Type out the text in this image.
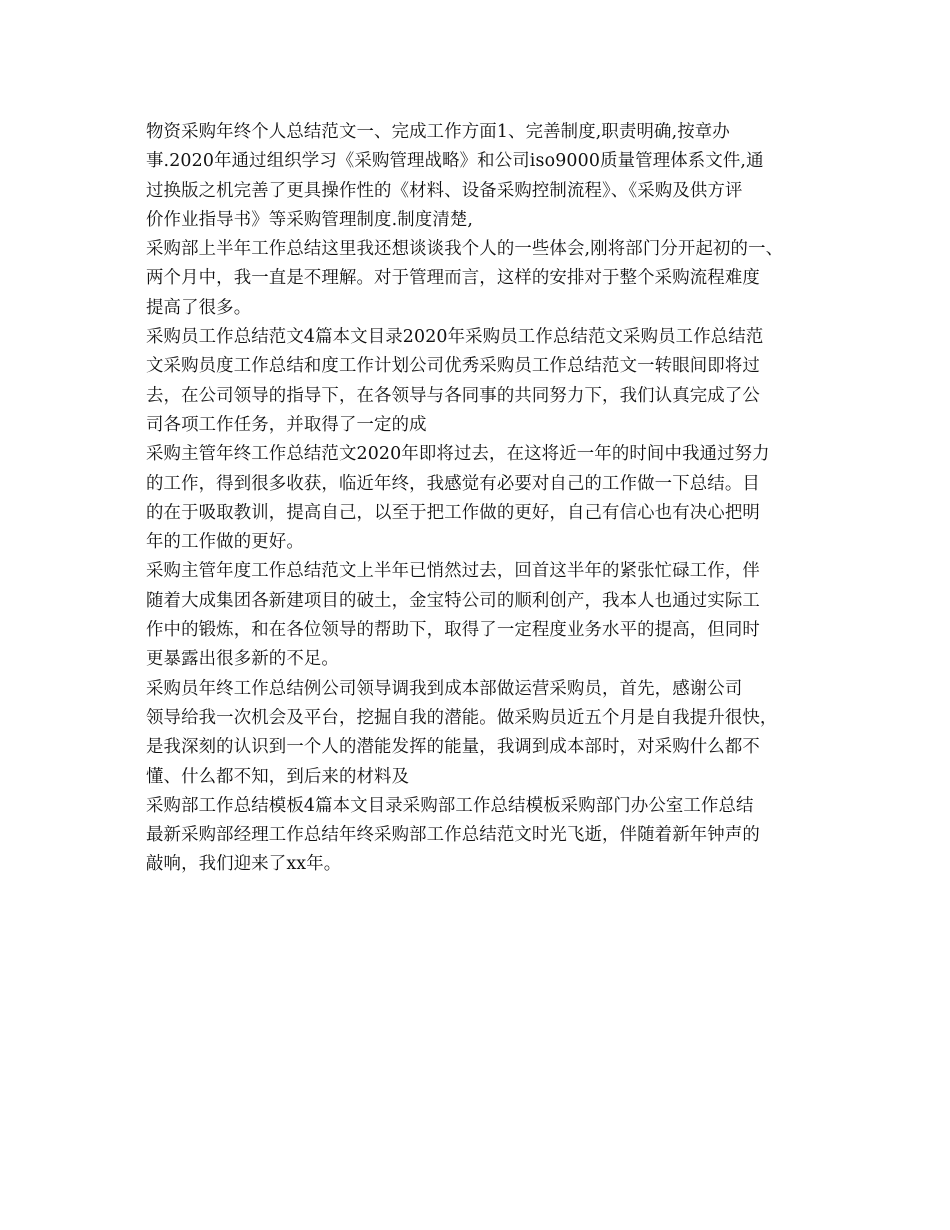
物资采购年终个人总结范文一、完成工作方面1、完善制度,职责明确,按章办
事.2020年通过组织学习《采购管理战略》和公司iso9000质量管理体系文件,通
过换版之机完善了更具操作性的《材料、设备采购控制流程》、《采购及供方评
价作业指导书》等采购管理制度.制度清楚,
采购部上半年工作总结这里我还想谈谈我个人的一些体会,刚将部门分开起初的一、
两个月中，我一直是不理解。对于管理而言，这样的安排对于整个采购流程难度
提高了很多。
采购员工作总结范文4篇本文目录2020年采购员工作总结范文采购员工作总结范
文采购员度工作总结和度工作计划公司优秀采购员工作总结范文一转眼间即将过
去，在公司领导的指导下，在各领导与各同事的共同努力下，我们认真完成了公
司各项工作任务，并取得了一定的成
采购主管年终工作总结范文2020年即将过去，在这将近一年的时间中我通过努力
的工作，得到很多收获，临近年终，我感觉有必要对自己的工作做一下总结。目
的在于吸取教训，提高自己，以至于把工作做的更好，自己有信心也有决心把明
年的工作做的更好。
采购主管年度工作总结范文上半年已悄然过去，回首这半年的紧张忙碌工作，伴
随着大成集团各新建项目的破土，金宝特公司的顺利创产，我本人也通过实际工
作中的锻炼，和在各位领导的帮助下，取得了一定程度业务水平的提高，但同时
更暴露出很多新的不足。
采购员年终工作总结例公司领导调我到成本部做运营采购员，首先，感谢公司
领导给我一次机会及平台，挖掘自我的潜能。做采购员近五个月是自我提升很快，
是我深刻的认识到一个人的潜能发挥的能量，我调到成本部时，对采购什么都不
懂、什么都不知，到后来的材料及
采购部工作总结模板4篇本文目录采购部工作总结模板采购部门办公室工作总结
最新采购部经理工作总结年终采购部工作总结范文时光飞逝，伴随着新年钟声的
敲响，我们迎来了xx年。
